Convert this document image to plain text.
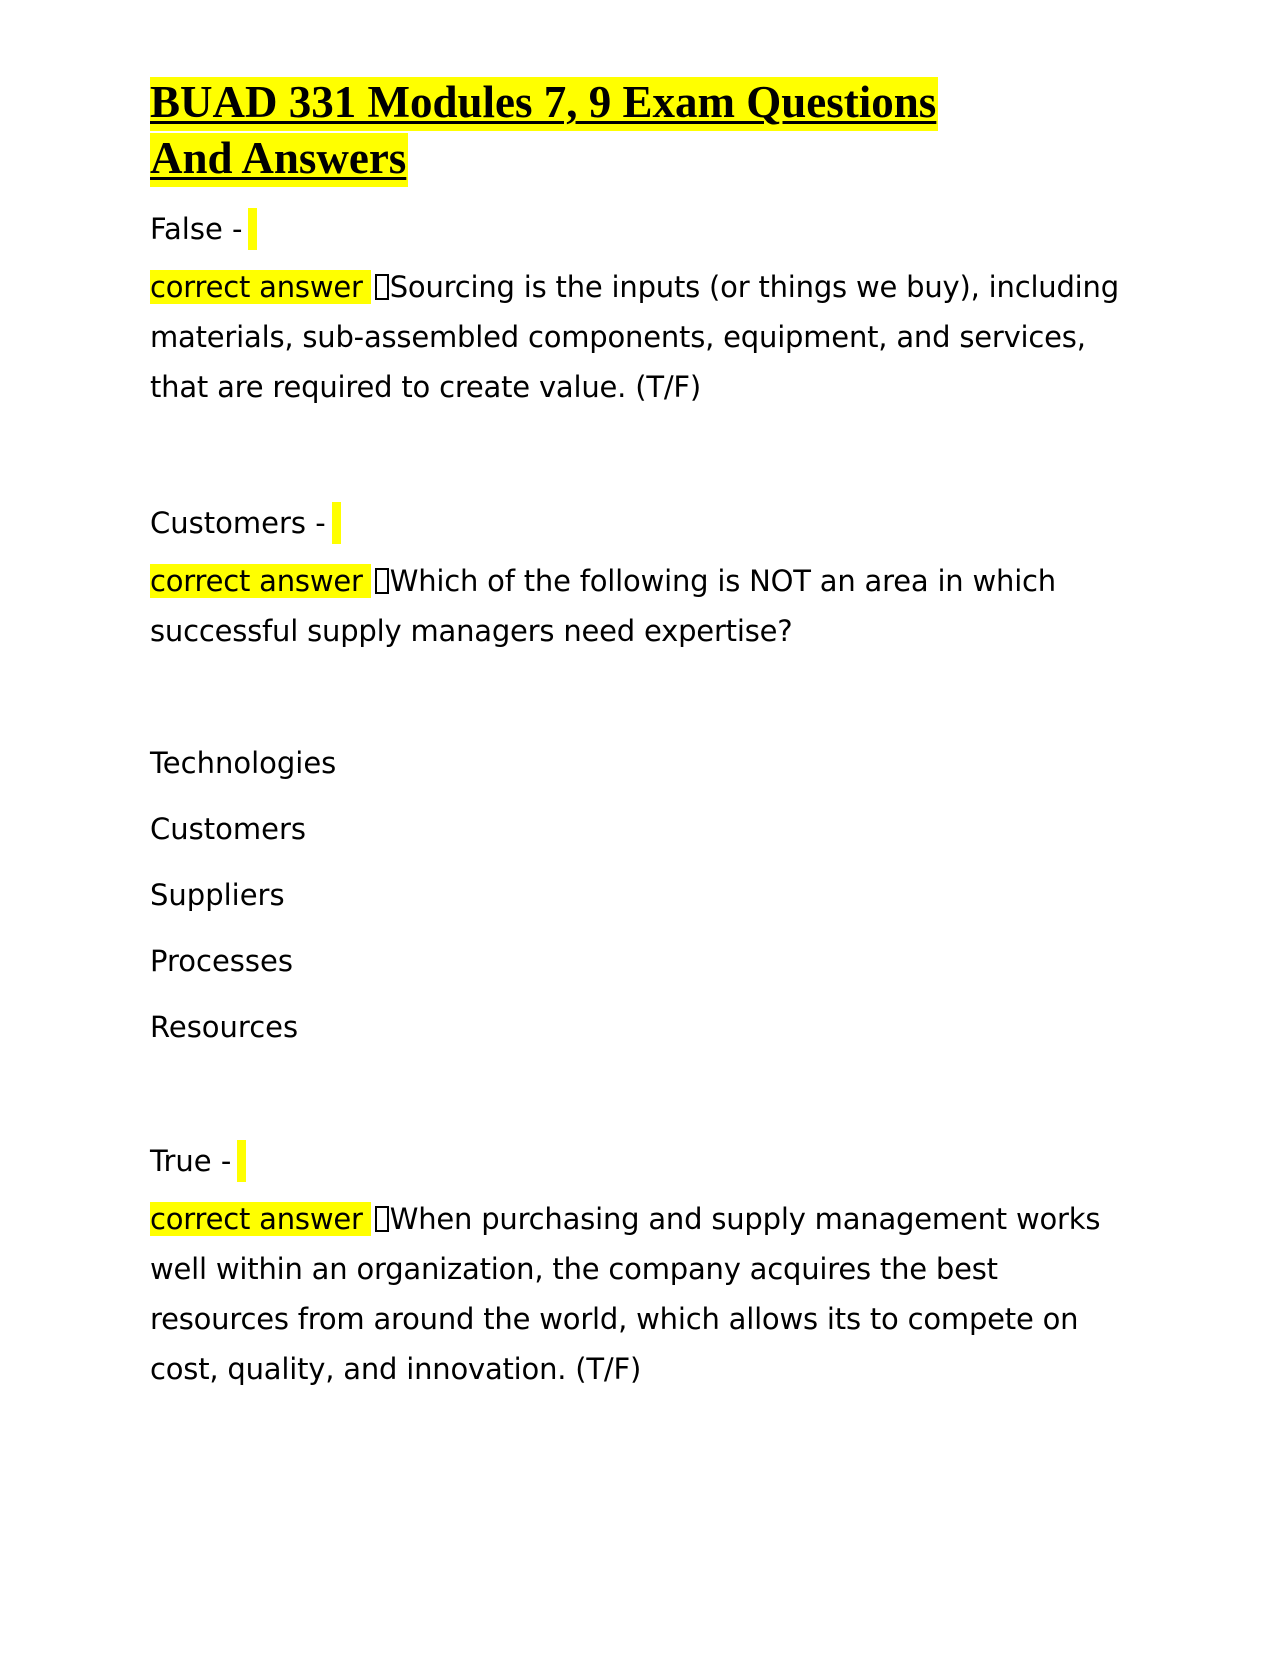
BUAD 331 Modules 7, 9 Exam Questions
And Answers
False -

correct answer Sourcing is the inputs (or things we buy), including materials, sub-assembled components, equipment, and services, that are required to create value. (T/F)

Customers -

correct answer Which of the following is NOT an area in which successful supply managers need expertise?

Technologies
Customers
Suppliers
Processes
Resources
True -

correct answer When purchasing and supply management works well within an organization, the company acquires the best resources from around the world, which allows its to compete on cost, quality, and innovation. (T/F)
